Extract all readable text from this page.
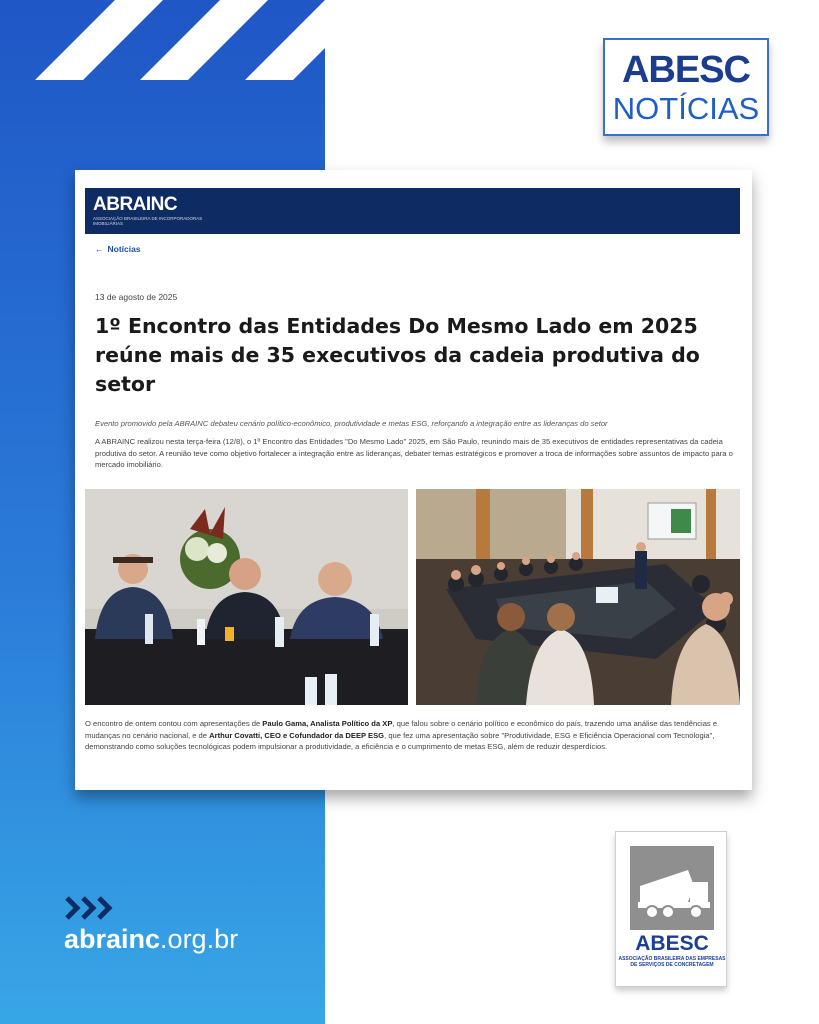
ABESC
NOTÍCIAS
ABRAINC
ASSOCIAÇÃO BRASILEIRA DE INCORPORADORAS IMOBILIÁRIAS
← Notícias
13 de agosto de 2025
1º Encontro das Entidades Do Mesmo Lado em 2025 reúne mais de 35 executivos da cadeia produtiva do setor
Evento promovido pela ABRAINC debateu cenário político-econômico, produtividade e metas ESG, reforçando a integração entre as lideranças do setor
A ABRAINC realizou nesta terça-feira (12/8), o 1º Encontro das Entidades "Do Mesmo Lado" 2025, em São Paulo, reunindo mais de 35 executivos de entidades representativas da cadeia produtiva do setor. A reunião teve como objetivo fortalecer a integração entre as lideranças, debater temas estratégicos e promover a troca de informações sobre assuntos de impacto para o mercado imobiliário.
O encontro de ontem contou com apresentações de Paulo Gama, Analista Político da XP, que falou sobre o cenário político e econômico do país, trazendo uma análise das tendências e mudanças no cenário nacional, e de Arthur Covatti, CEO e Cofundador da DEEP ESG, que fez uma apresentação sobre "Produtividade, ESG e Eficiência Operacional com Tecnologia", demonstrando como soluções tecnológicas podem impulsionar a produtividade, a eficiência e o cumprimento de metas ESG, além de reduzir desperdícios.
abrainc.org.br	ABESC
ASSOCIAÇÃO BRASILEIRA DAS EMPRESAS DE SERVIÇOS DE CONCRETAGEM
